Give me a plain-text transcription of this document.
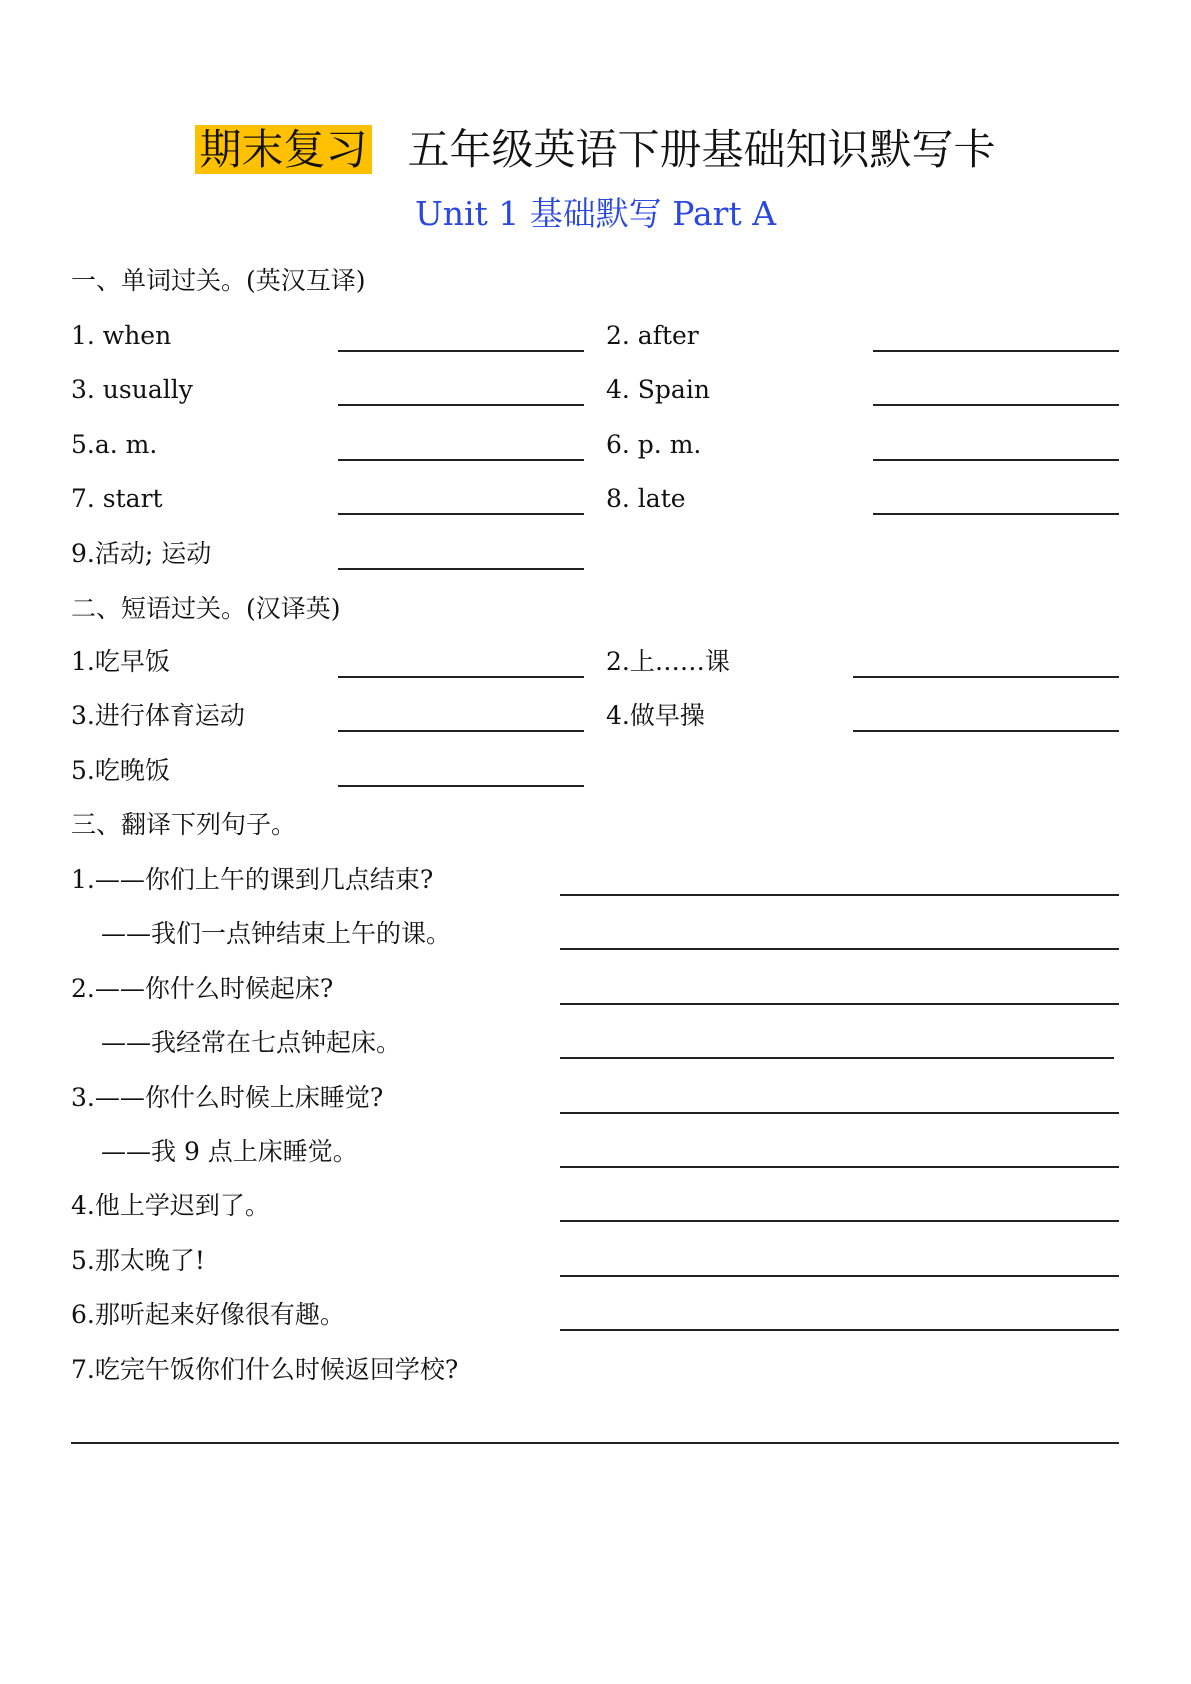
期末复习 五年级英语下册基础知识默写卡
Unit 1 基础默写 Part A
一、单词过关。(英汉互译)
1. when	2. after
3. usually	4. Spain
5.a. m.	6. p. m.
7. start	8. late
9.活动; 运动
二、短语过关。(汉译英)
1.吃早饭	2.上……课
3.进行体育运动	4.做早操
5.吃晚饭
三、翻译下列句子。
1.——你们上午的课到几点结束?
——我们一点钟结束上午的课。
2.——你什么时候起床?
——我经常在七点钟起床。
3.——你什么时候上床睡觉?
——我 9 点上床睡觉。
4.他上学迟到了。
5.那太晚了!
6.那听起来好像很有趣。
7.吃完午饭你们什么时候返回学校?
